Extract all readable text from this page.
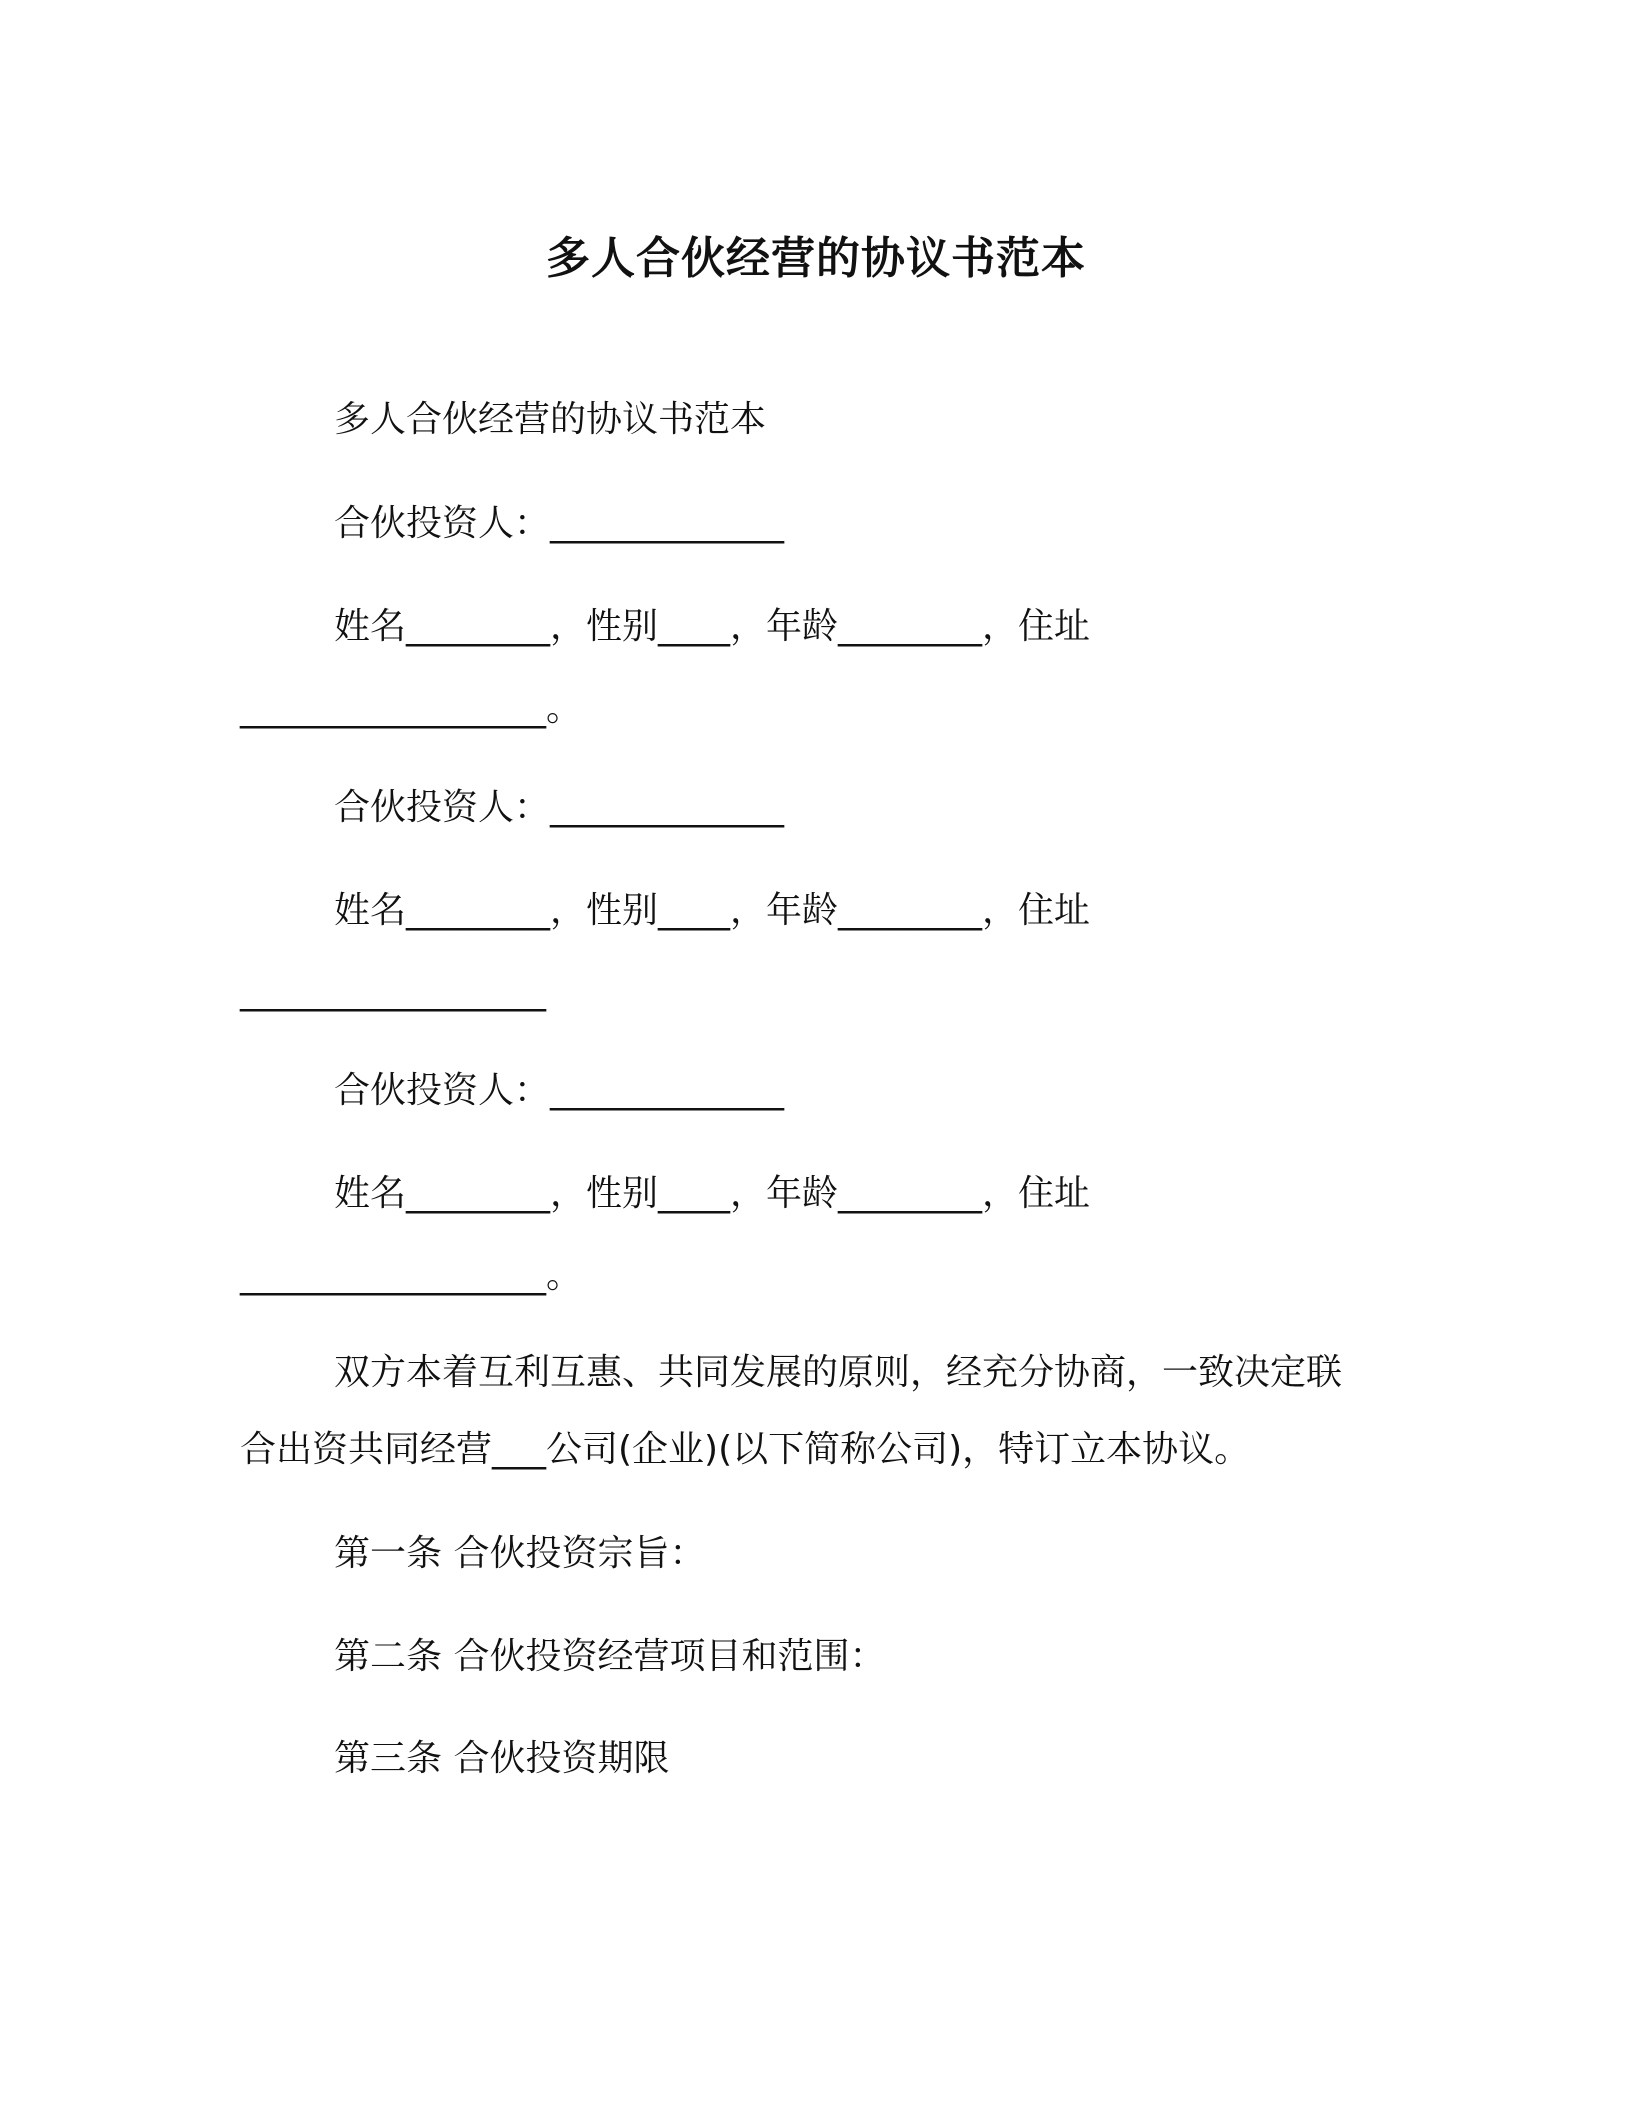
多人合伙经营的协议书范本
多人合伙经营的协议书范本
合伙投资人：_____________
姓名________，性别____，年龄________，住址
_________________。
合伙投资人：_____________
姓名________，性别____，年龄________，住址
_________________
合伙投资人：_____________
姓名________，性别____，年龄________，住址
_________________。
双方本着互利互惠、共同发展的原则，经充分协商，一致决定联
合出资共同经营___公司(企业)(以下简称公司)，特订立本协议。
第一条 合伙投资宗旨：
第二条 合伙投资经营项目和范围：
第三条 合伙投资期限
